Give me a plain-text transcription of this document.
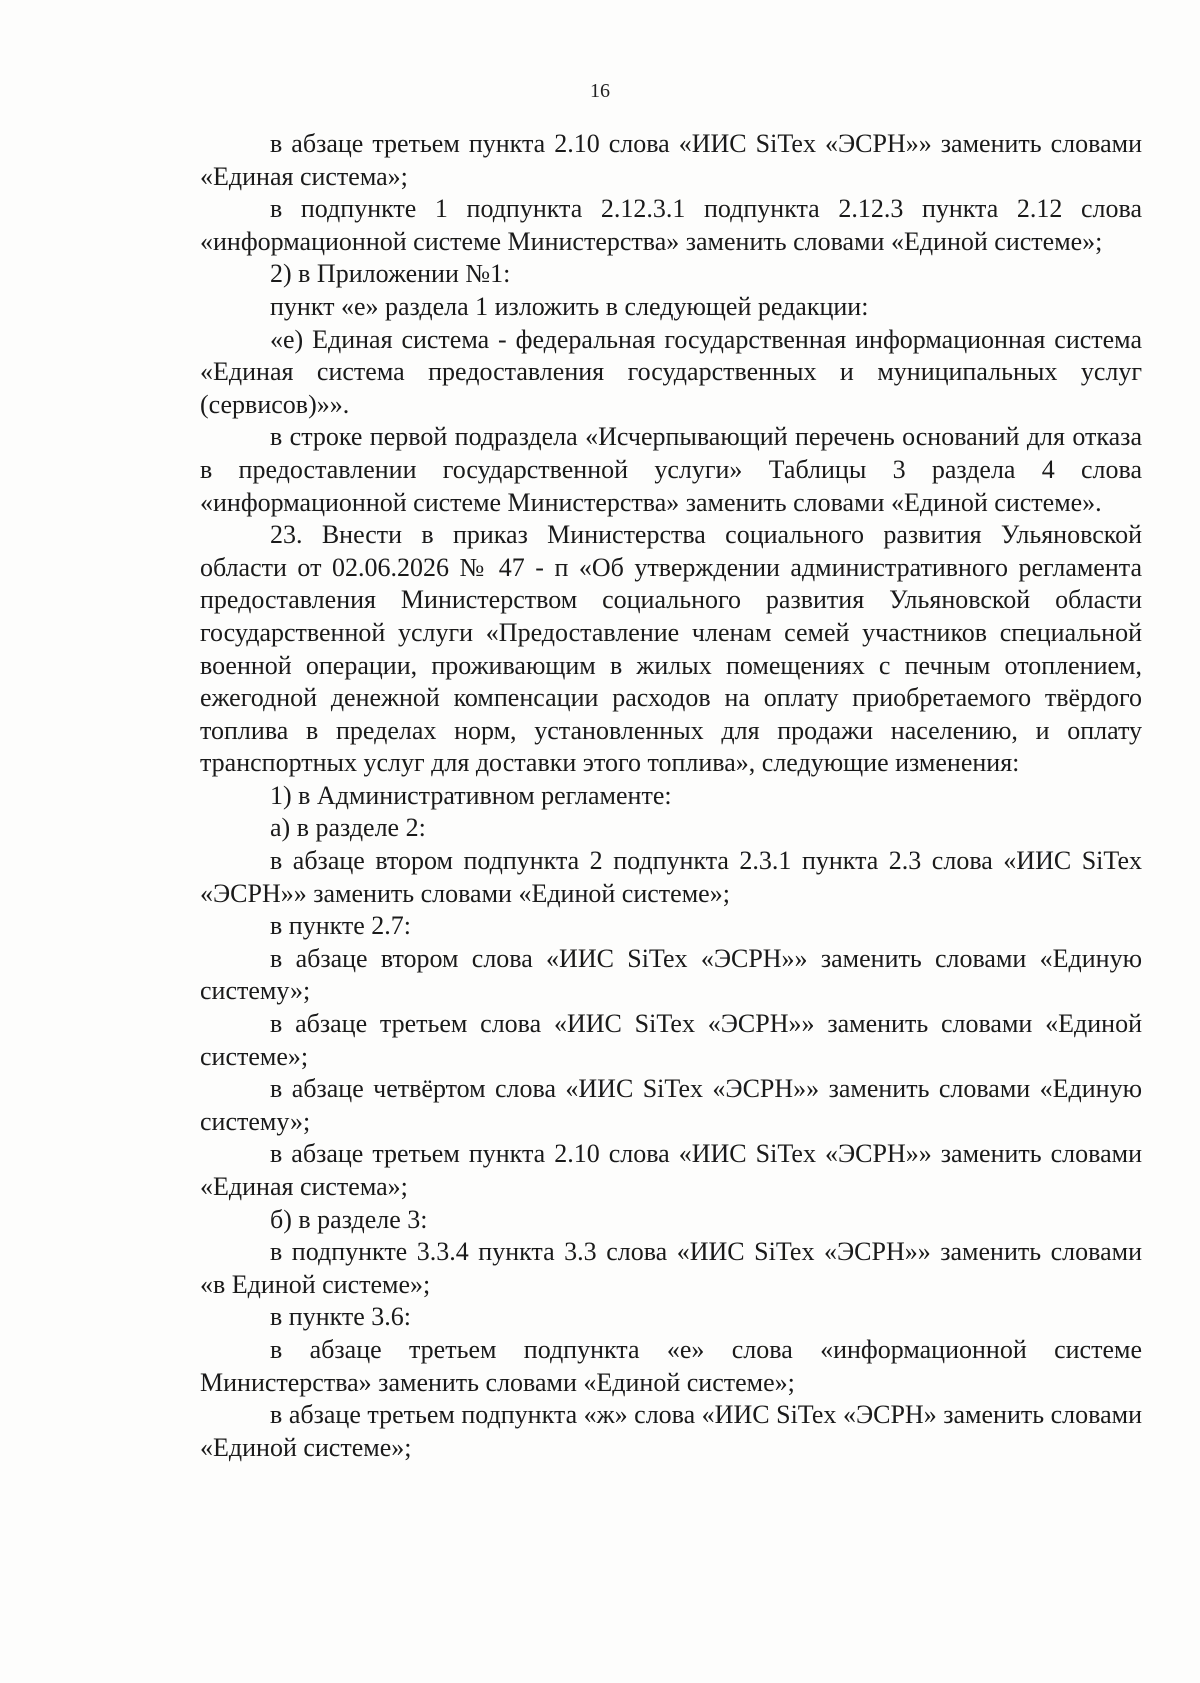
16

в абзаце третьем пункта 2.10 слова «ИИС SiTex «ЭСРН»» заменить словами «Единая система»;

в подпункте 1 подпункта 2.12.3.1 подпункта 2.12.3 пункта 2.12 слова «информационной системе Министерства» заменить словами «Единой системе»;

2) в Приложении №1:

пункт «е» раздела 1 изложить в следующей редакции:

«е) Единая система - федеральная государственная информационная система «Единая система предоставления государственных и муниципальных услуг (сервисов)»».

в строке первой подраздела «Исчерпывающий перечень оснований для отказа в предоставлении государственной услуги» Таблицы 3 раздела 4 слова «информационной системе Министерства» заменить словами «Единой системе».

23. Внести в приказ Министерства социального развития Ульяновской области от 02.06.2026 № 47 - п «Об утверждении административного регламента предоставления Министерством социального развития Ульяновской области государственной услуги «Предоставление членам семей участников специальной военной операции, проживающим в жилых помещениях с печным отоплением, ежегодной денежной компенсации расходов на оплату приобретаемого твёрдого топлива в пределах норм, установленных для продажи населению, и оплату транспортных услуг для доставки этого топлива», следующие изменения:

1) в Административном регламенте:

а) в разделе 2:

в абзаце втором подпункта 2 подпункта 2.3.1 пункта 2.3 слова «ИИС SiTex «ЭСРН»» заменить словами «Единой системе»;

в пункте 2.7:

в абзаце втором слова «ИИС SiTex «ЭСРН»» заменить словами «Единую систему»;

в абзаце третьем слова «ИИС SiTex «ЭСРН»» заменить словами «Единой системе»;

в абзаце четвёртом слова «ИИС SiTex «ЭСРН»» заменить словами «Единую систему»;

в абзаце третьем пункта 2.10 слова «ИИС SiTex «ЭСРН»» заменить словами «Единая система»;

б) в разделе 3:

в подпункте 3.3.4 пункта 3.3 слова «ИИС SiTex «ЭСРН»» заменить словами «в Единой системе»;

в пункте 3.6:

в абзаце третьем подпункта «е» слова «информационной системе Министерства» заменить словами «Единой системе»;

в абзаце третьем подпункта «ж» слова «ИИС SiTex «ЭСРН» заменить словами «Единой системе»;
